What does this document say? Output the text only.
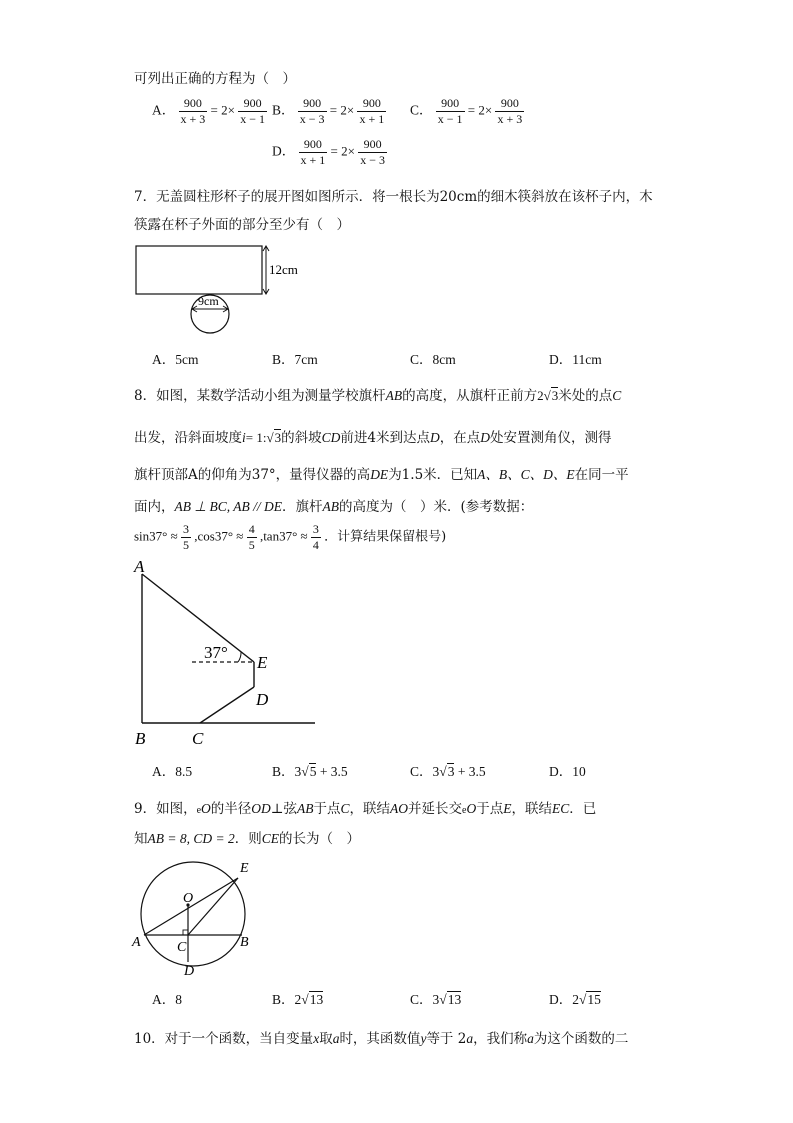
可列出正确的方程为（　）
A． $\frac{900}{x + 3} = 2\times \frac{900}{x - 1}$ B． $\frac{900}{x - 3} = 2\times \frac{900}{x + 1}$ C． $\frac{900}{x - 1} = 2\times \frac{900}{x + 3}$
D． $\frac{900}{x + 1} = 2\times \frac{900}{x - 3}$
7．无盖圆柱形杯子的展开图如图所示．将一根长为20cm的细木筷斜放在该杯子内，木
筷露在杯子外面的部分至少有（　）
12cm
9cm
A．5cm	B．7cm	C．8cm	D．11cm
8．如图，某数学活动小组为测量学校旗杆AB的高度，从旗杆正前方2√3米处的点C
出发，沿斜面坡度i= 1:√3的斜坡CD前进4米到达点D，在点D处安置测角仪，测得
旗杆顶部A的仰角为37°，量得仪器的高DE为1.5米．已知A、B、C、D、E在同一平
面内，AB ⊥ BC, AB // DE．旗杆AB的高度为（　）米．(参考数据：
$\sin 37^\circ \approx \frac{3}{5} ,\cos 37^\circ \approx \frac{4}{5} ,\tan 37^\circ \approx \frac{3}{4}$ ．计算结果保留根号)
37°
A
B	C
D
E
A．8.5	B．3√5 + 3.5	C．3√3 + 3.5	D．10
9．如图，eO的半径OD⊥弦AB于点C，联结AO并延长交eO于点E，联结EC．已
知AB = 8, CD = 2．则CE的长为（　）
O
E
A	B
C
D
A．8	B．2√13	C．3√13	D．2√15
10．对于一个函数，当自变量x取a时，其函数值y等于 2a，我们称a为这个函数的二
